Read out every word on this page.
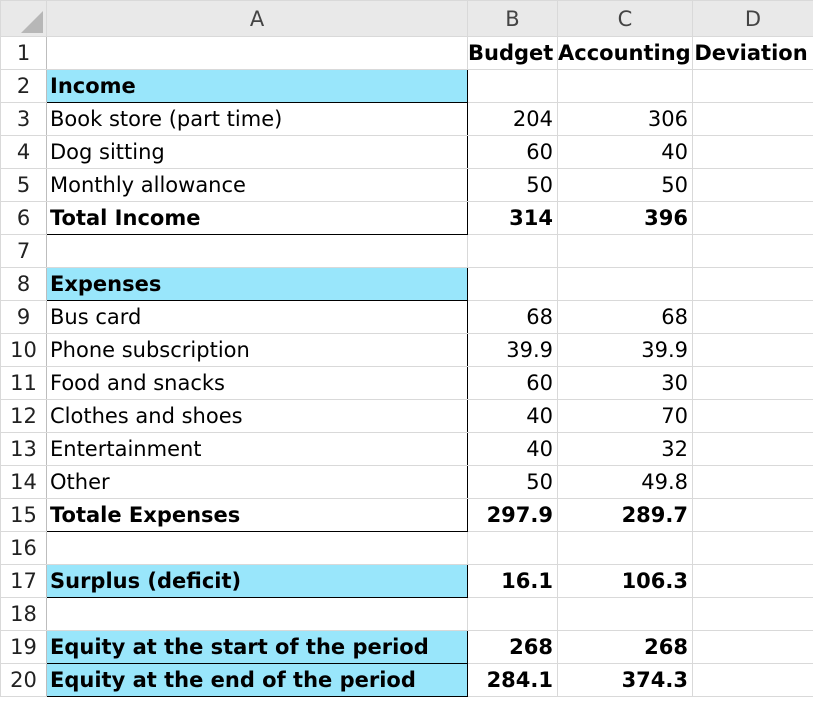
	A	B	C	D
1		Budget	Accounting	Deviation
2	Income			
3	Book store (part time)	204	306	
4	Dog sitting	60	40	
5	Monthly allowance	50	50	
6	Total Income	314	396	
7				
8	Expenses			
9	Bus card	68	68	
10	Phone subscription	39.9	39.9	
11	Food and snacks	60	30	
12	Clothes and shoes	40	70	
13	Entertainment	40	32	
14	Other	50	49.8	
15	Totale Expenses	297.9	289.7	
16				
17	Surplus (deficit)	16.1	106.3	
18				
19	Equity at the start of the period	268	268	
20	Equity at the end of the period	284.1	374.3	
